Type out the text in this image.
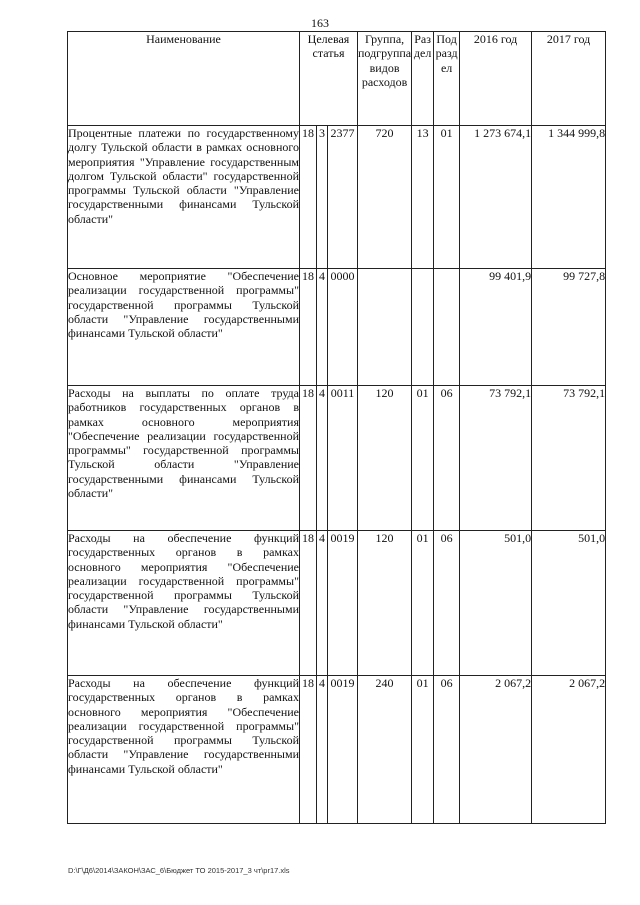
163
Наименование	Целевая статья			Группа, подгруппа видов расходов	Раздел	Подраздел	2016 год	2017 год

Процентные платежи по государственному долгу Тульской области в рамках основного мероприятия "Управление государственным долгом Тульской области" государственной программы Тульской области "Управление государственными финансами Тульской области"	18	3	2377	720	13	01	1 273 674,1	1 344 999,8

Основное мероприятие "Обеспечение реализации государственной программы" государственной программы Тульской области "Управление государственными финансами Тульской области"	18	4	0000				99 401,9	99 727,8

Расходы на выплаты по оплате труда работников государственных органов в рамках основного мероприятия "Обеспечение реализации государственной программы" государственной программы Тульской области "Управление государственными финансами Тульской области"	18	4	0011	120	01	06	73 792,1	73 792,1

Расходы на обеспечение функций государственных органов в рамках основного мероприятия "Обеспечение реализации государственной программы" государственной программы Тульской области "Управление государственными финансами Тульской области"	18	4	0019	120	01	06	501,0	501,0

Расходы на обеспечение функций государственных органов в рамках основного мероприятия "Обеспечение реализации государственной программы" государственной программы Тульской области "Управление государственными финансами Тульской области"	18	4	0019	240	01	06	2 067,2	2 067,2
D:\Г\Д6\2014\ЗАКОН\ЗАС_6\Бюджет ТО 2015-2017_3 чт\pr17.xls
